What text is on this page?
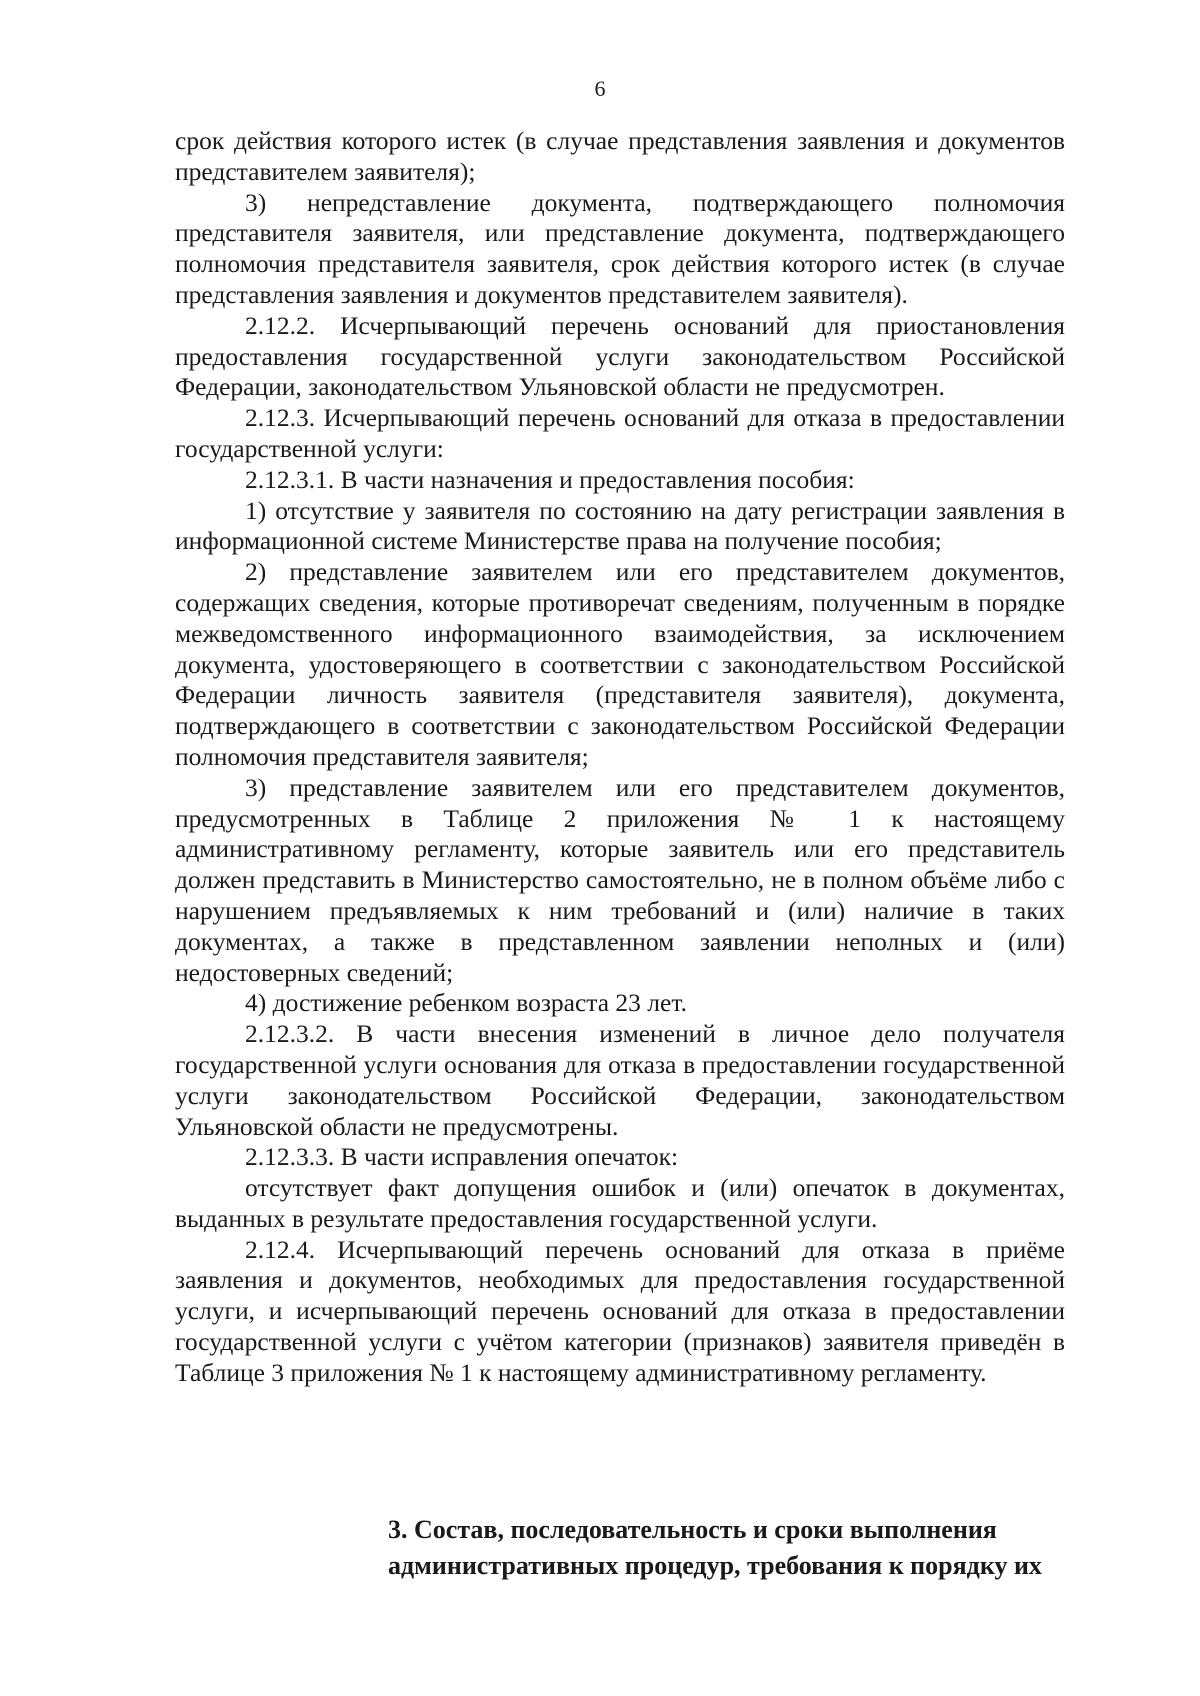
6

срок действия которого истек (в случае представления заявления и документов представителем заявителя);

3) непредставление документа, подтверждающего полномочия представителя заявителя, или представление документа, подтверждающего полномочия представителя заявителя, срок действия которого истек (в случае представления заявления и документов представителем заявителя).

2.12.2. Исчерпывающий перечень оснований для приостановления предоставления государственной услуги законодательством Российской Федерации, законодательством Ульяновской области не предусмотрен.

2.12.3. Исчерпывающий перечень оснований для отказа в предоставлении государственной услуги:

2.12.3.1. В части назначения и предоставления пособия:

1) отсутствие у заявителя по состоянию на дату регистрации заявления в информационной системе Министерстве права на получение пособия;

2) представление заявителем или его представителем документов, содержащих сведения, которые противоречат сведениям, полученным в порядке межведомственного информационного взаимодействия, за исключением документа, удостоверяющего в соответствии с законодательством Российской Федерации личность заявителя (представителя заявителя), документа, подтверждающего в соответствии с законодательством Российской Федерации полномочия представителя заявителя;

3) представление заявителем или его представителем документов, предусмотренных в Таблице 2 приложения № 1 к настоящему административному регламенту, которые заявитель или его представитель должен представить в Министерство самостоятельно, не в полном объёме либо с нарушением предъявляемых к ним требований и (или) наличие в таких документах, а также в представленном заявлении неполных и (или) недостоверных сведений;

4) достижение ребенком возраста 23 лет.

2.12.3.2. В части внесения изменений в личное дело получателя государственной услуги основания для отказа в предоставлении государственной услуги законодательством Российской Федерации, законодательством Ульяновской области не предусмотрены.

2.12.3.3. В части исправления опечаток:

отсутствует факт допущения ошибок и (или) опечаток в документах, выданных в результате предоставления государственной услуги.

2.12.4. Исчерпывающий перечень оснований для отказа в приёме заявления и документов, необходимых для предоставления государственной услуги, и исчерпывающий перечень оснований для отказа в предоставлении государственной услуги с учётом категории (признаков) заявителя приведён в Таблице 3 приложения № 1 к настоящему административному регламенту.

3. Состав, последовательность и сроки выполнения

административных процедур, требования к порядку их
